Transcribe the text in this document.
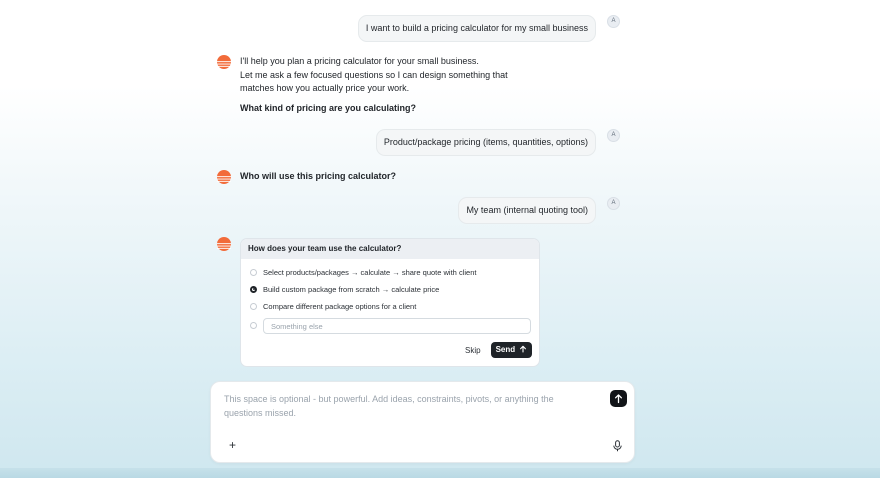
I want to build a pricing calculator for my small business
A
I'll help you plan a pricing calculator for your small business.
Let me ask a few focused questions so I can design something that
matches how you actually price your work.
What kind of pricing are you calculating?
Product/package pricing (items, quantities, options)
A
Who will use this pricing calculator?
My team (internal quoting tool)
A
How does your team use the calculator?
Select products/packages → calculate → share quote with client
Build custom package from scratch → calculate price
Compare different package options for a client
Something else
Skip	Send
This space is optional - but powerful. Add ideas, constraints, pivots, or anything the questions missed.
+
